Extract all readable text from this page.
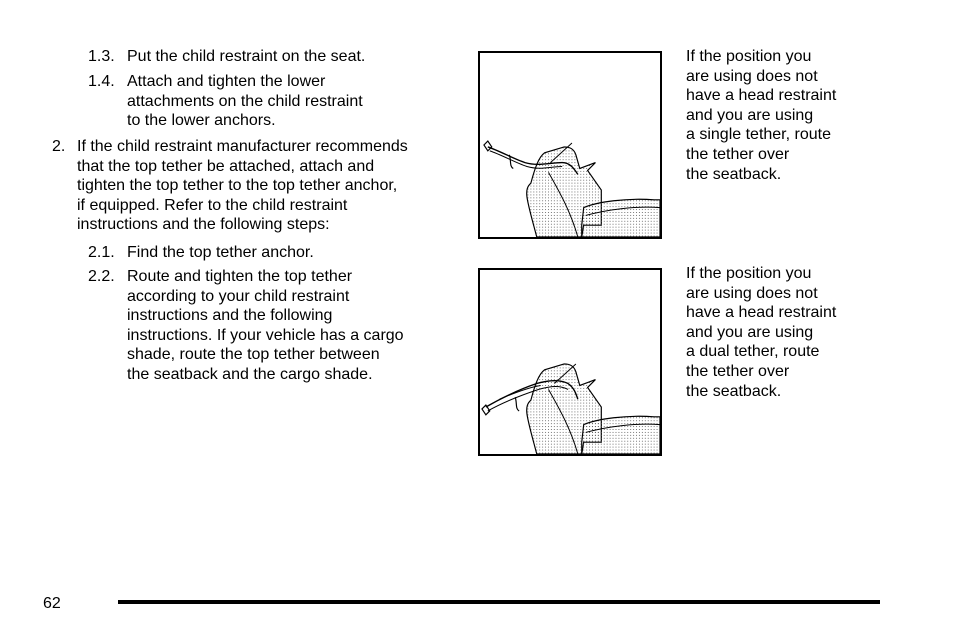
1.3. Put the child restraint on the seat.
1.4. Attach and tighten the lower
attachments on the child restraint
to the lower anchors.
2. If the child restraint manufacturer recommends
that the top tether be attached, attach and
tighten the top tether to the top tether anchor,
if equipped. Refer to the child restraint
instructions and the following steps:
2.1. Find the top tether anchor.
2.2. Route and tighten the top tether
according to your child restraint
instructions and the following
instructions. If your vehicle has a cargo
shade, route the top tether between
the seatback and the cargo shade.
If the position you
are using does not
have a head restraint
and you are using
a single tether, route
the tether over
the seatback.
If the position you
are using does not
have a head restraint
and you are using
a dual tether, route
the tether over
the seatback.
62
